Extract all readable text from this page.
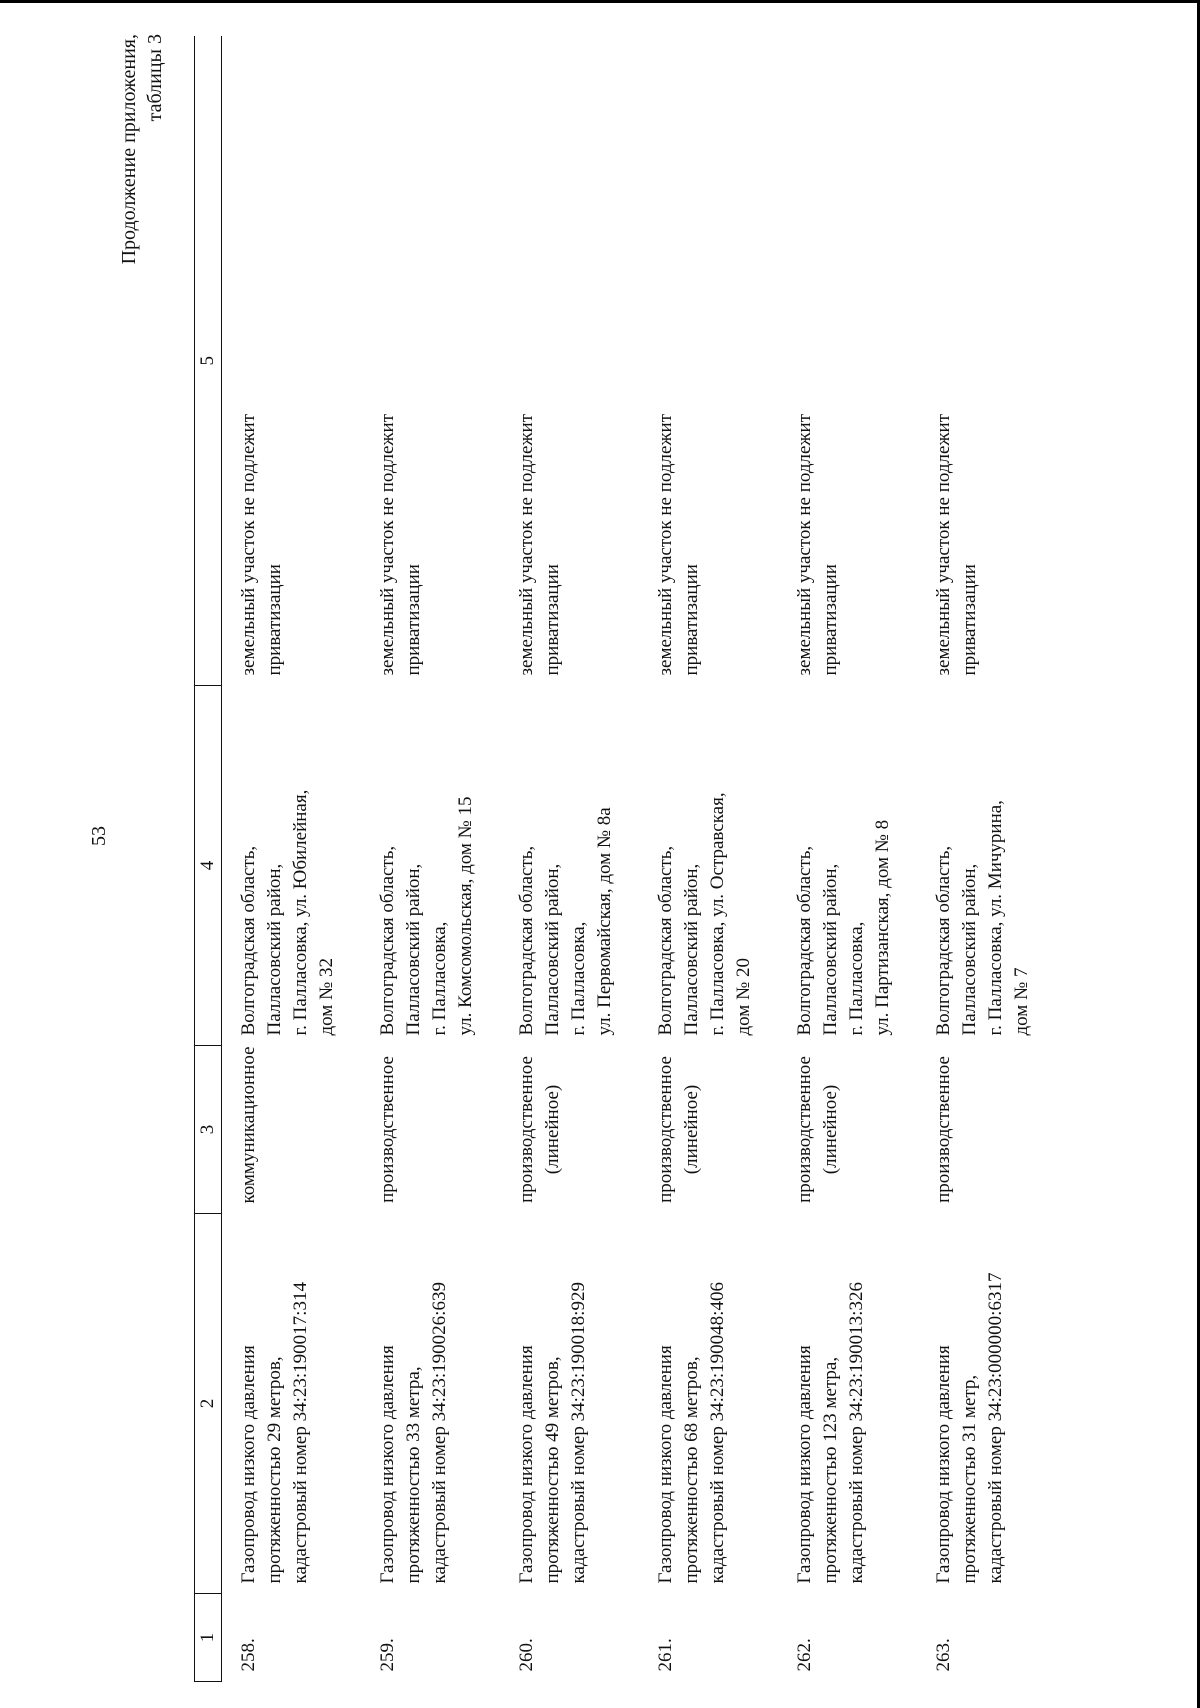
53
Продолжение приложения,
таблицы 3
1	2	3	4	5
258.	Газопровод низкого давления
протяженностью 29 метров,
кадастровый номер 34:23:190017:314	коммуникационное	Волгоградская область,
Палласовский район,
г. Палласовка, ул. Юбилейная,
дом № 32	земельный участок не подлежит
приватизации
259.	Газопровод низкого давления
протяженностью 33 метра,
кадастровый номер 34:23:190026:639	производственное	Волгоградская область,
Палласовский район,
г. Палласовка,
ул. Комсомольская, дом № 15	земельный участок не подлежит
приватизации
260.	Газопровод низкого давления
протяженностью 49 метров,
кадастровый номер 34:23:190018:929	производственное
(линейное)	Волгоградская область,
Палласовский район,
г. Палласовка,
ул. Первомайская, дом № 8а	земельный участок не подлежит
приватизации
261.	Газопровод низкого давления
протяженностью 68 метров,
кадастровый номер 34:23:190048:406	производственное
(линейное)	Волгоградская область,
Палласовский район,
г. Палласовка, ул. Остравская,
дом № 20	земельный участок не подлежит
приватизации
262.	Газопровод низкого давления
протяженностью 123 метра,
кадастровый номер 34:23:190013:326	производственное
(линейное)	Волгоградская область,
Палласовский район,
г. Палласовка,
ул. Партизанская, дом № 8	земельный участок не подлежит
приватизации
263.	Газопровод низкого давления
протяженностью 31 метр,
кадастровый номер 34:23:000000:6317	производственное	Волгоградская область,
Палласовский район,
г. Палласовка, ул. Мичурина,
дом № 7	земельный участок не подлежит
приватизации
